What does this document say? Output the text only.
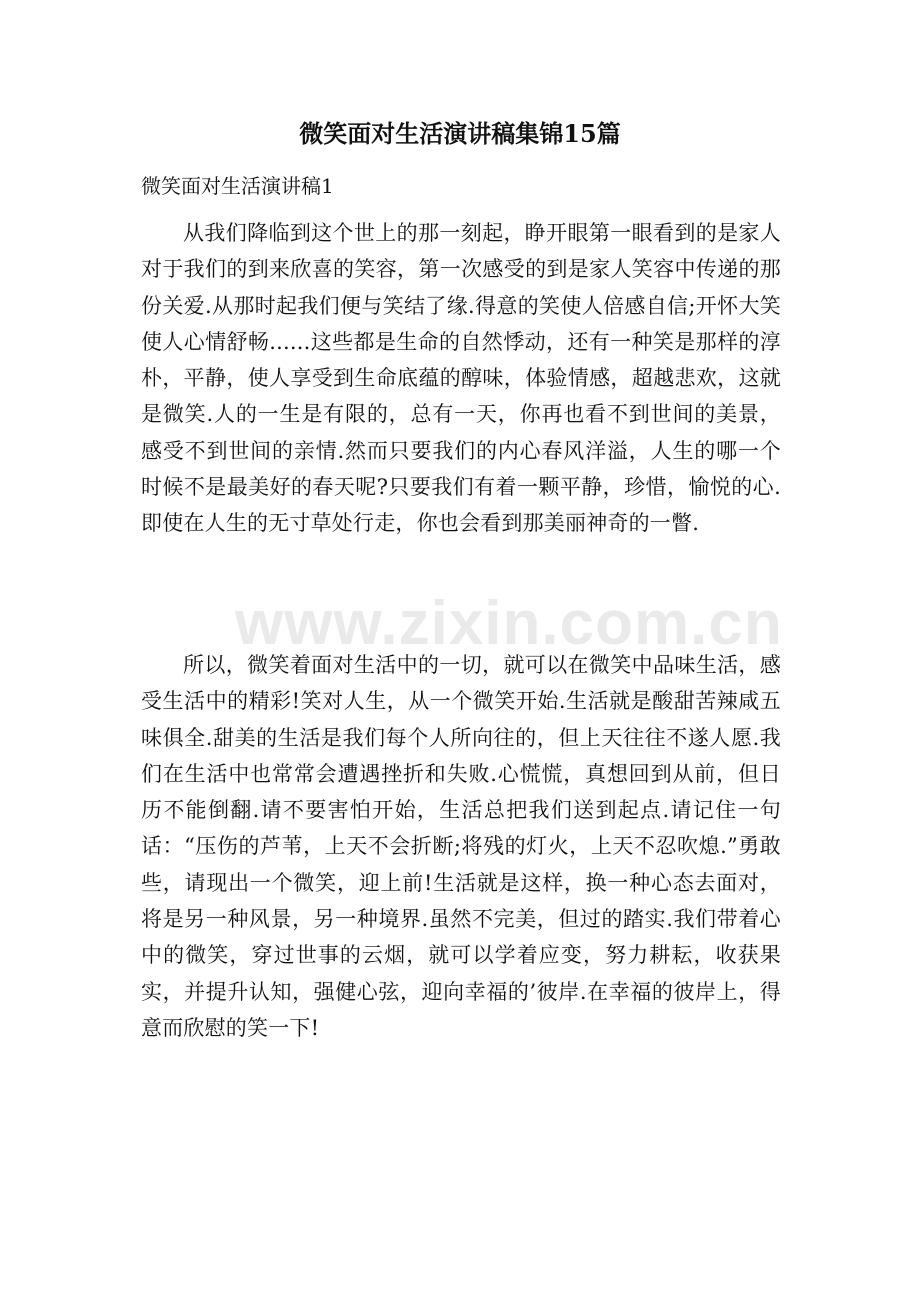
微笑面对生活演讲稿集锦15篇

微笑面对生活演讲稿1

从我们降临到这个世上的那一刻起，睁开眼第一眼看到的是家人对于我们的到来欣喜的笑容，第一次感受的到是家人笑容中传递的那份关爱.从那时起我们便与笑结了缘.得意的笑使人倍感自信;开怀大笑使人心情舒畅......这些都是生命的自然悸动，还有一种笑是那样的淳朴，平静，使人享受到生命底蕴的醇味，体验情感，超越悲欢，这就是微笑.人的一生是有限的，总有一天，你再也看不到世间的美景，感受不到世间的亲情.然而只要我们的内心春风洋溢，人生的哪一个时候不是最美好的春天呢?只要我们有着一颗平静，珍惜，愉悦的心.即使在人生的无寸草处行走，你也会看到那美丽神奇的一瞥.

所以，微笑着面对生活中的一切，就可以在微笑中品味生活，感受生活中的精彩!笑对人生，从一个微笑开始.生活就是酸甜苦辣咸五味俱全.甜美的生活是我们每个人所向往的，但上天往往不遂人愿.我们在生活中也常常会遭遇挫折和失败.心慌慌，真想回到从前，但日历不能倒翻.请不要害怕开始，生活总把我们送到起点.请记住一句话：“压伤的芦苇，上天不会折断;将残的灯火，上天不忍吹熄.”勇敢些，请现出一个微笑，迎上前!生活就是这样，换一种心态去面对，将是另一种风景，另一种境界.虽然不完美，但过的踏实.我们带着心中的微笑，穿过世事的云烟，就可以学着应变，努力耕耘，收获果实，并提升认知，强健心弦，迎向幸福的’彼岸.在幸福的彼岸上，得意而欣慰的笑一下!

www.zixin.com.cn
